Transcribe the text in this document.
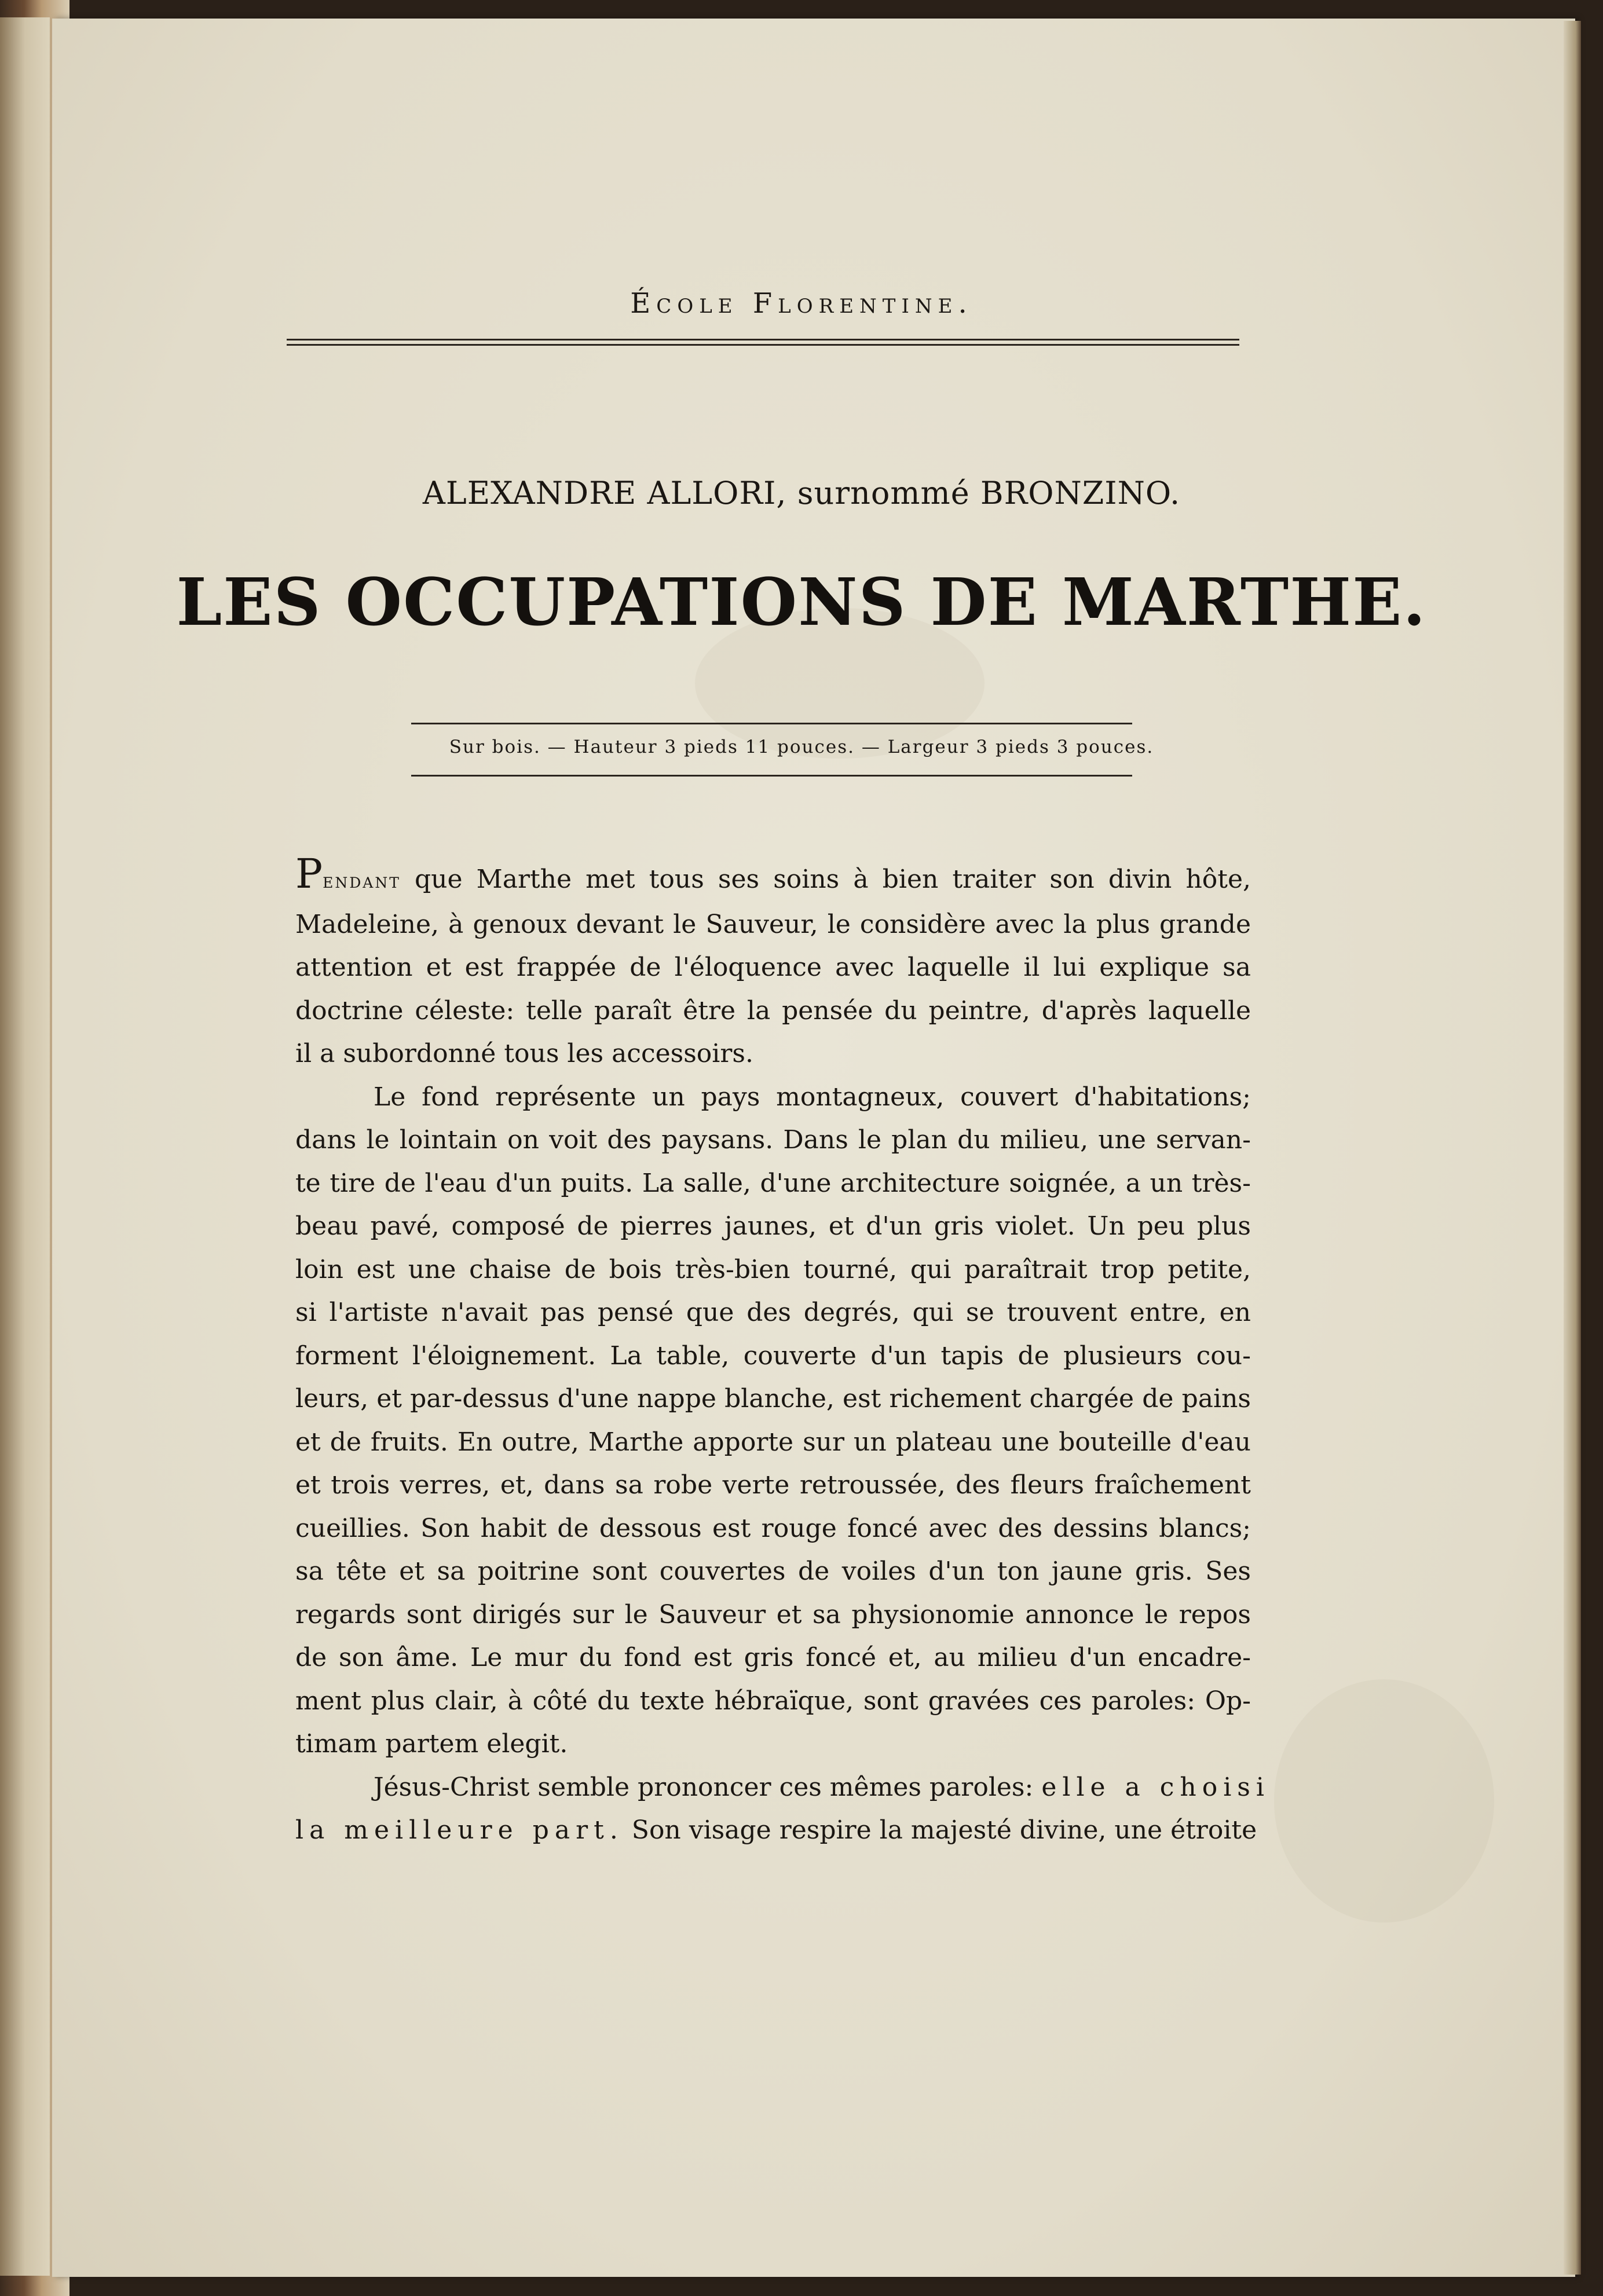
École Florentine.
ALEXANDRE ALLORI, surnommé BRONZINO.
LES OCCUPATIONS DE MARTHE.
Sur bois. — Hauteur 3 pieds 11 pouces. — Largeur 3 pieds 3 pouces.
Pendant que Marthe met tous ses soins à bien traiter son divin hôte,
Madeleine, à genoux devant le Sauveur, le considère avec la plus grande
attention et est frappée de l'éloquence avec laquelle il lui explique sa
doctrine céleste: telle paraît être la pensée du peintre, d'après laquelle
il a subordonné tous les accessoirs.
Le fond représente un pays montagneux, couvert d'habitations;
dans le lointain on voit des paysans. Dans le plan du milieu, une servan-
te tire de l'eau d'un puits. La salle, d'une architecture soignée, a un très-
beau pavé, composé de pierres jaunes, et d'un gris violet. Un peu plus
loin est une chaise de bois très-bien tourné, qui paraîtrait trop petite,
si l'artiste n'avait pas pensé que des degrés, qui se trouvent entre, en
forment l'éloignement. La table, couverte d'un tapis de plusieurs cou-
leurs, et par-dessus d'une nappe blanche, est richement chargée de pains
et de fruits. En outre, Marthe apporte sur un plateau une bouteille d'eau
et trois verres, et, dans sa robe verte retroussée, des fleurs fraîchement
cueillies. Son habit de dessous est rouge foncé avec des dessins blancs;
sa tête et sa poitrine sont couvertes de voiles d'un ton jaune gris. Ses
regards sont dirigés sur le Sauveur et sa physionomie annonce le repos
de son âme. Le mur du fond est gris foncé et, au milieu d'un encadre-
ment plus clair, à côté du texte hébraïque, sont gravées ces paroles: Op-
timam partem elegit.
Jésus-Christ semble prononcer ces mêmes paroles: elle a choisi
la meilleure part. Son visage respire la majesté divine, une étroite
